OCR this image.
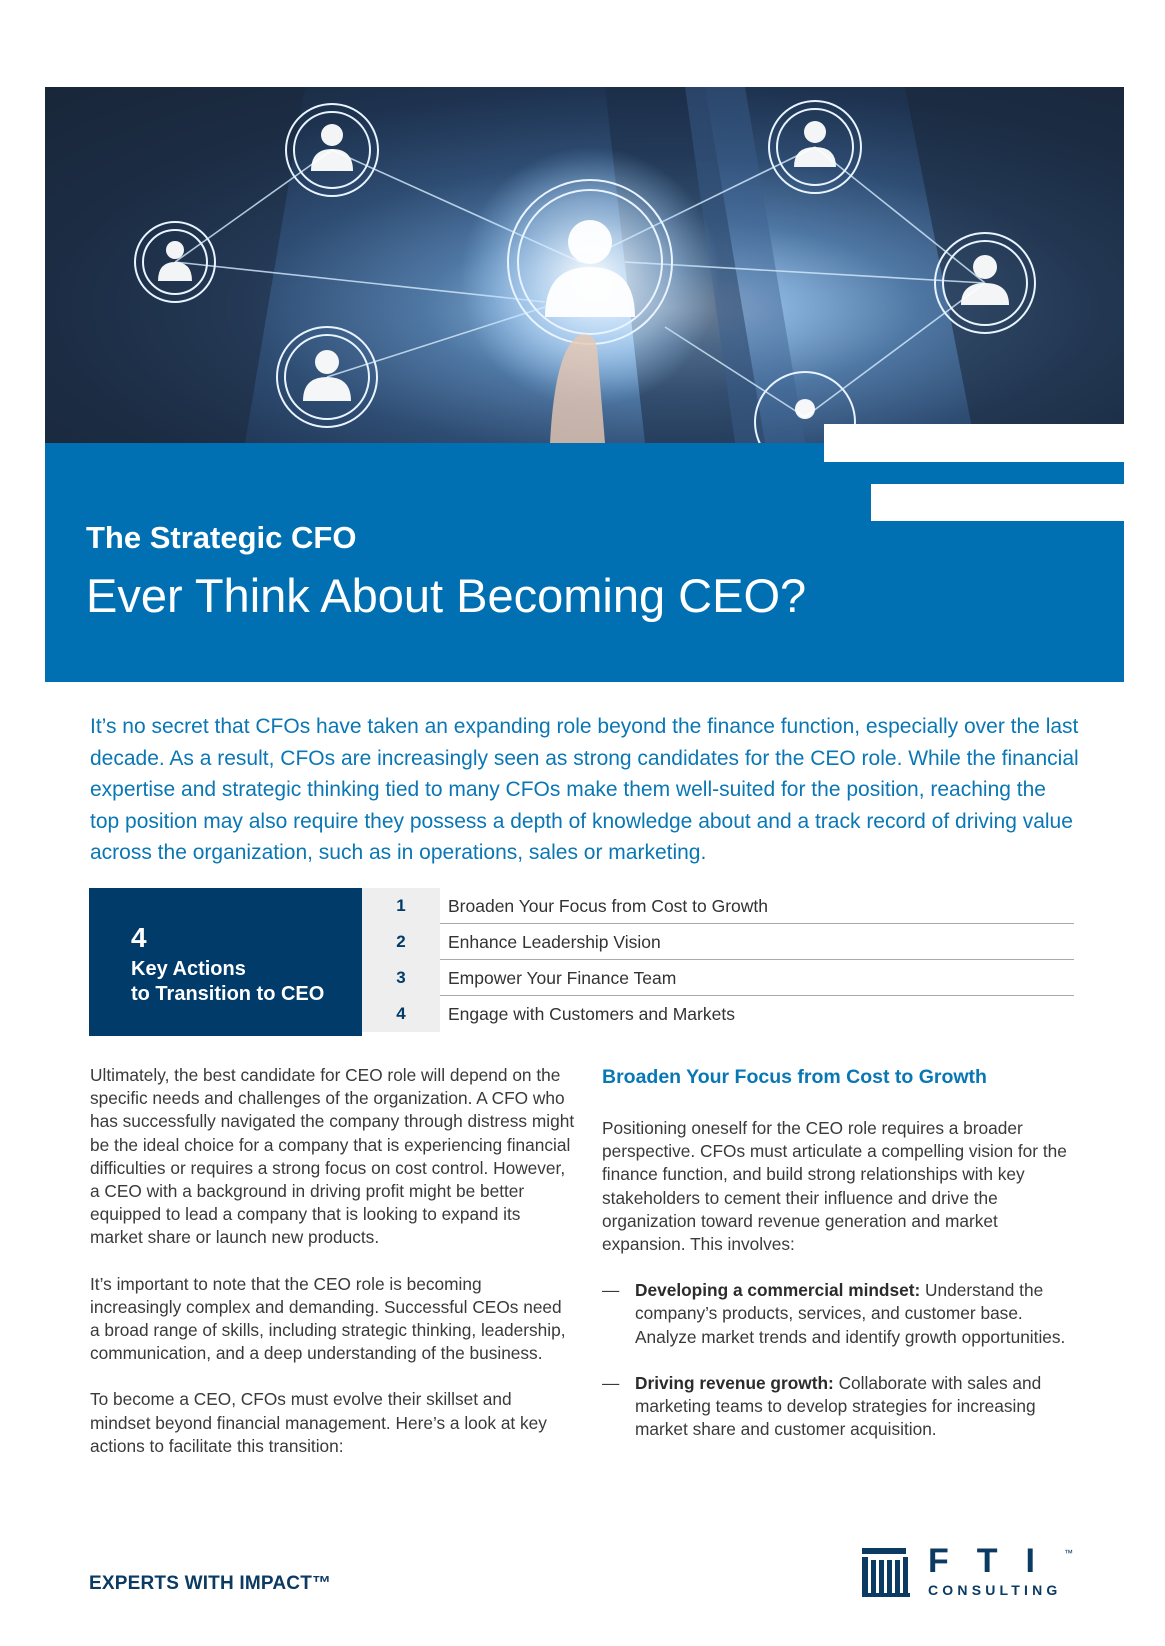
The Strategic CFO
Ever Think About Becoming CEO?
It’s no secret that CFOs have taken an expanding role beyond the finance function, especially over the last decade. As a result, CFOs are increasingly seen as strong candidates for the CEO role. While the financial expertise and strategic thinking tied to many CFOs make them well-suited for the position, reaching the top position may also require they possess a depth of knowledge about and a track record of driving value across the organization, such as in operations, sales or marketing.
4
Key Actions
to Transition to CEO
1	Broaden Your Focus from Cost to Growth
2	Enhance Leadership Vision
3	Empower Your Finance Team
4	Engage with Customers and Markets

Ultimately, the best candidate for CEO role will depend on the specific needs and challenges of the organization. A CFO who has successfully navigated the company through distress might be the ideal choice for a company that is experiencing financial difficulties or requires a strong focus on cost control. However, a CEO with a background in driving profit might be better equipped to lead a company that is looking to expand its market share or launch new products.

It’s important to note that the CEO role is becoming increasingly complex and demanding. Successful CEOs need a broad range of skills, including strategic thinking, leadership, communication, and a deep understanding of the business.

To become a CEO, CFOs must evolve their skillset and mindset beyond financial management. Here’s a look at key actions to facilitate this transition:

Broaden Your Focus from Cost to Growth

Positioning oneself for the CEO role requires a broader perspective. CFOs must articulate a compelling vision for the finance function, and build strong relationships with key stakeholders to cement their influence and drive the organization toward revenue generation and market expansion. This involves:

— Developing a commercial mindset: Understand the company’s products, services, and customer base. Analyze market trends and identify growth opportunities.
— Driving revenue growth: Collaborate with sales and marketing teams to develop strategies for increasing market share and customer acquisition.
EXPERTS WITH IMPACT™
FTI ™
CONSULTING
